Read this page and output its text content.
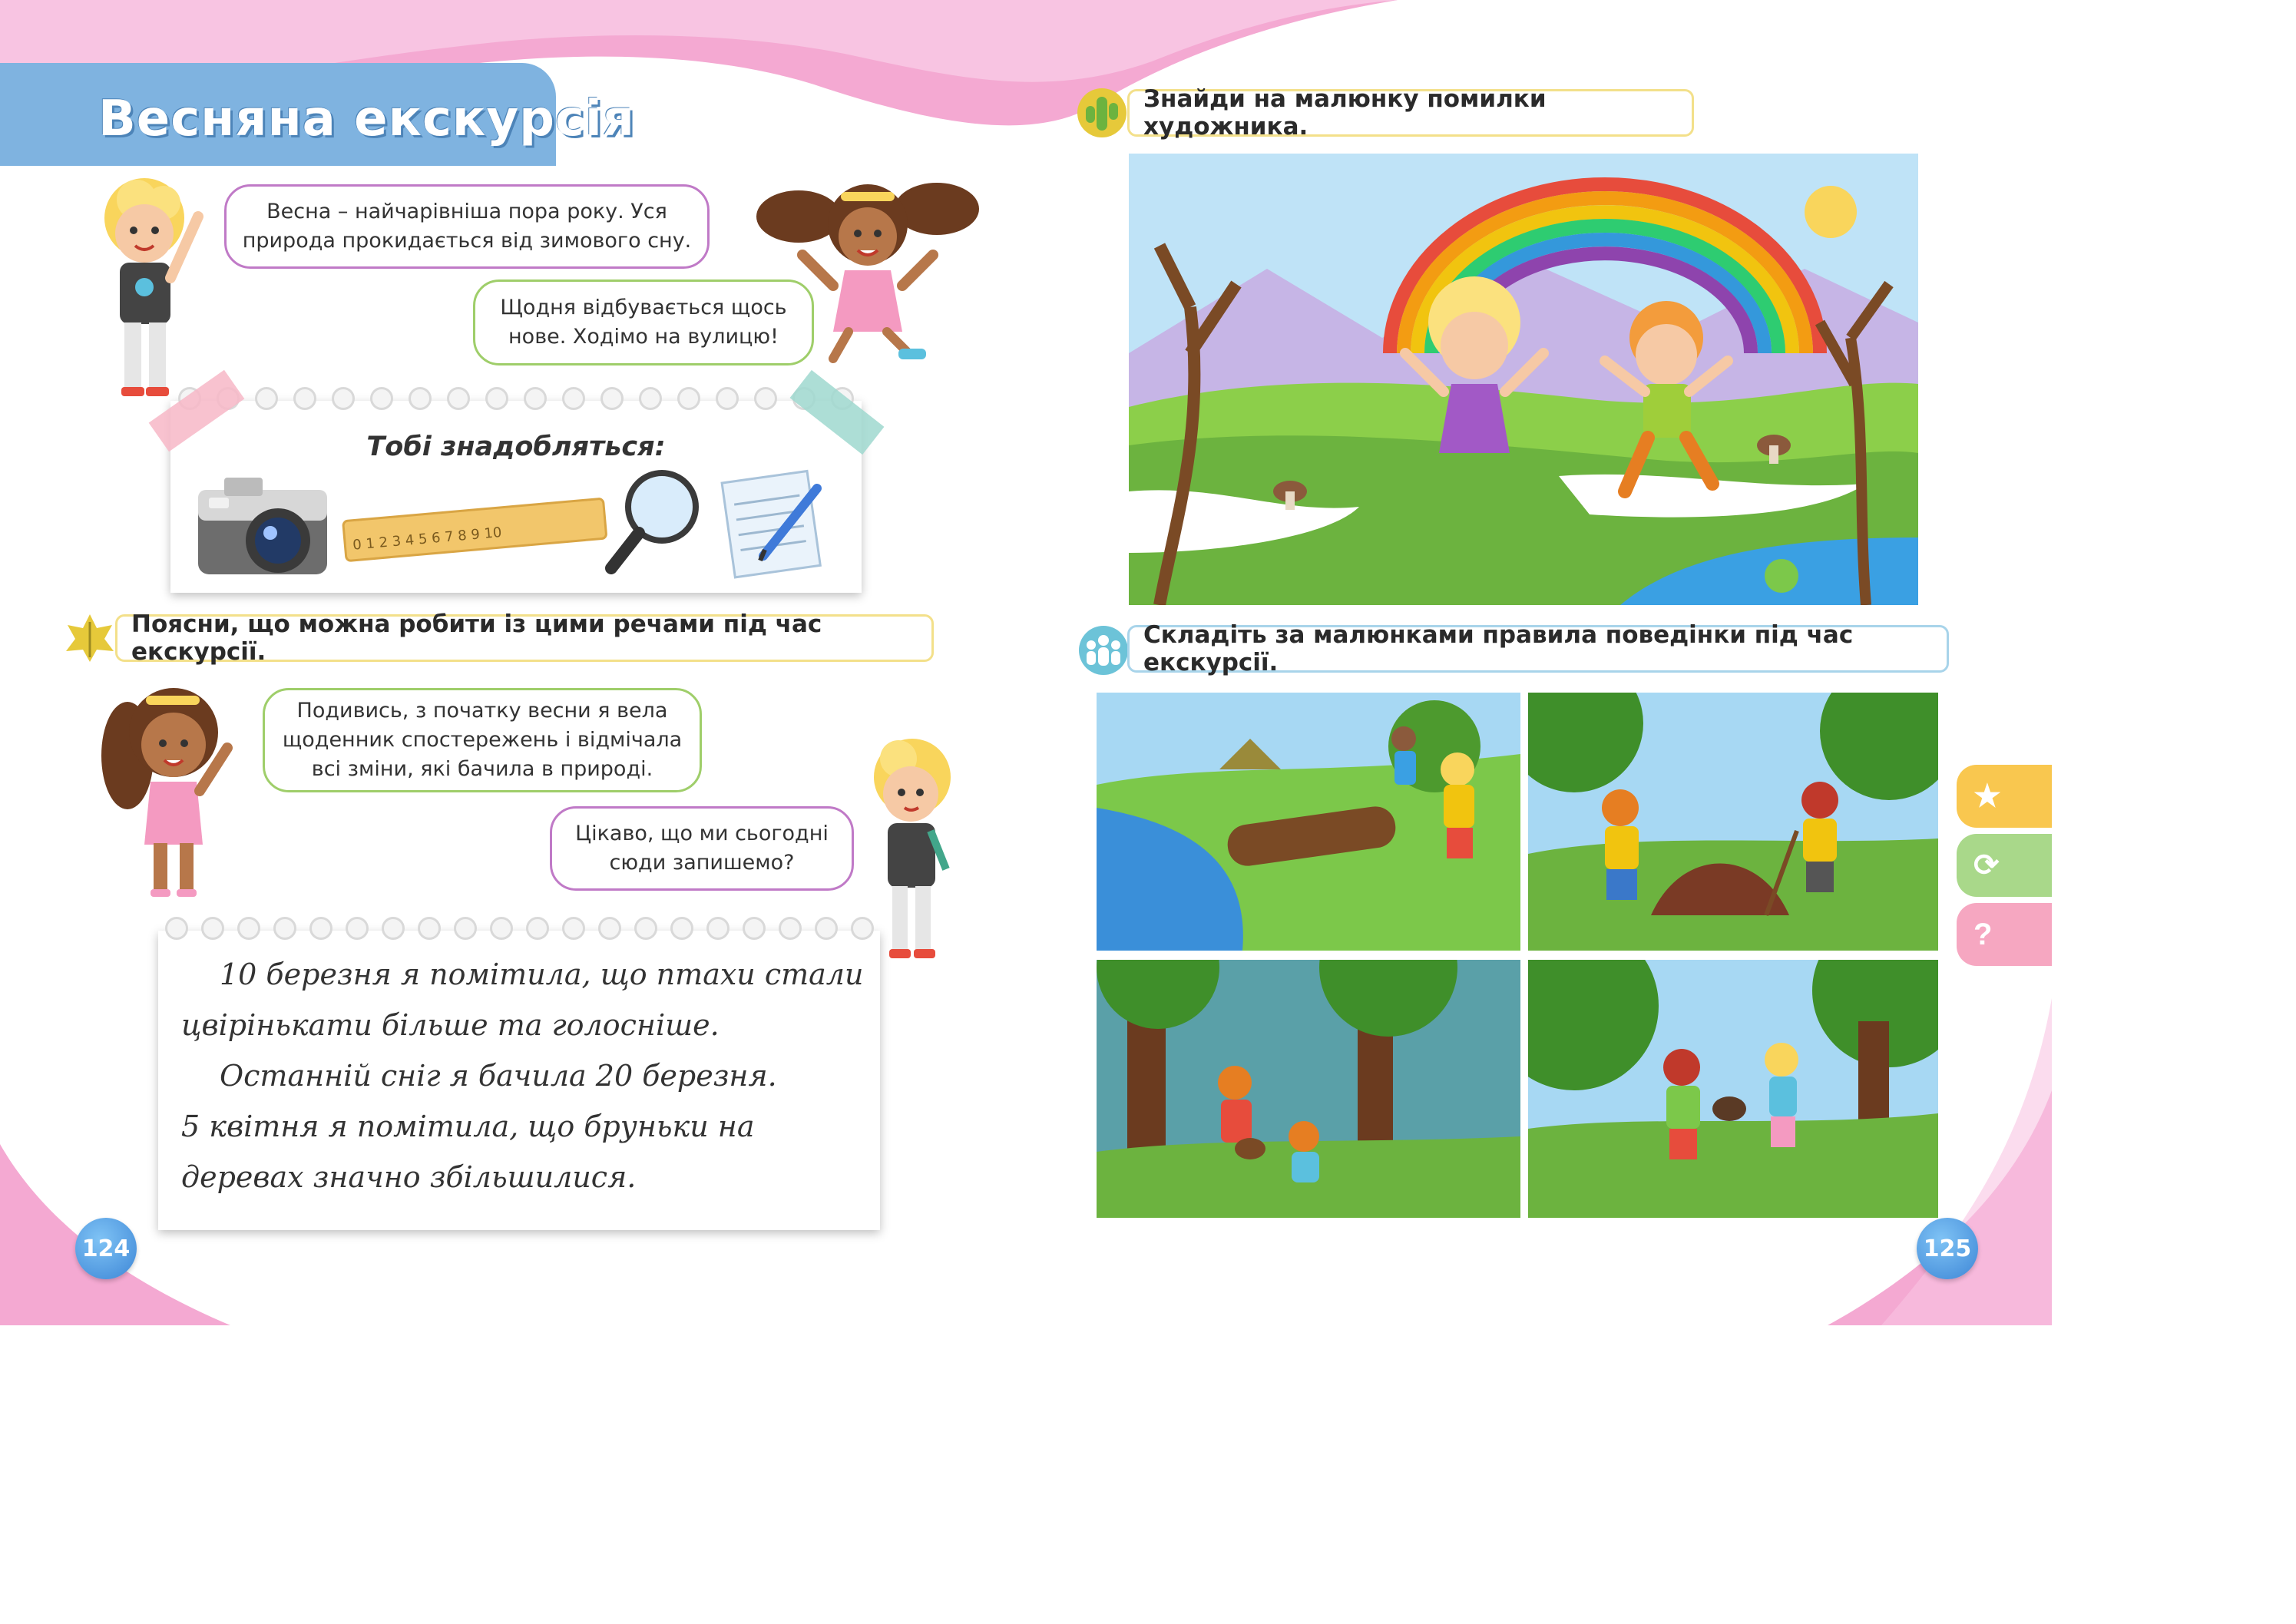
Весняна екскурсія
Весна – найчарівніша пора року. Уся
природа прокидається від зимового сну.
Щодня відбувається щось
нове. Ходімо на вулицю!
Тобі знадобляться:
0 1 2 3 4 5 6 7 8 9 10
Поясни, що можна робити із цими речами під час екскурсії.
Подивись, з початку весни я вела
щоденник спостережень і відмічала
всі зміни, які бачила в природі.
Цікаво, що ми сьогодні
сюди запишемо?
10 березня я помітила, що птахи стали
цвірінькати більше та голосніше.
Останній сніг я бачила 20 березня.
5 квітня я помітила, що бруньки на
деревах значно збільшилися.
124
Знайди на малюнку помилки художника.
Складіть за малюнками правила поведінки під час екскурсії.
125
★
⟳
?
